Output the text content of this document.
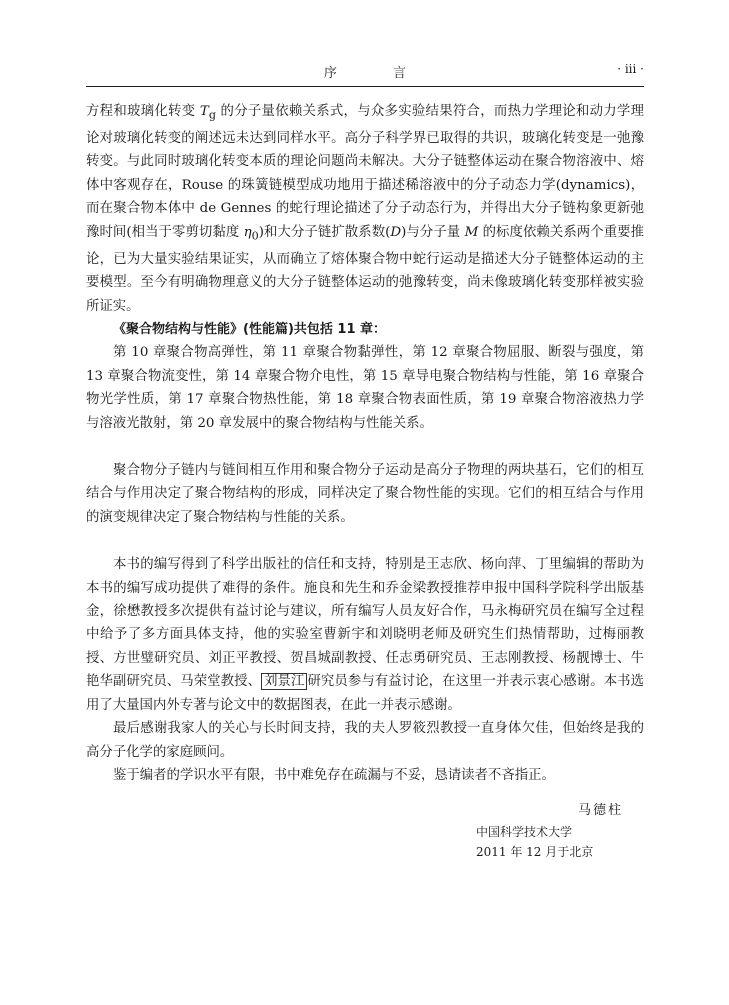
序 言	· iii ·

方程和玻璃化转变 $T_g$ 的分子量依赖关系式，与众多实验结果符合，而热力学理论和动力学理论对玻璃化转变的阐述远未达到同样水平。高分子科学界已取得的共识，玻璃化转变是一弛豫转变。与此同时玻璃化转变本质的理论问题尚未解决。大分子链整体运动在聚合物溶液中、熔体中客观存在，Rouse 的珠簧链模型成功地用于描述稀溶液中的分子动态力学(dynamics)，而在聚合物本体中 de Gennes 的蛇行理论描述了分子动态行为，并得出大分子链构象更新弛豫时间(相当于零剪切黏度 $\eta_0$)和大分子链扩散系数(D)与分子量 M 的标度依赖关系两个重要推论，已为大量实验结果证实，从而确立了熔体聚合物中蛇行运动是描述大分子链整体运动的主要模型。至今有明确物理意义的大分子链整体运动的弛豫转变，尚未像玻璃化转变那样被实验所证实。

《聚合物结构与性能》(性能篇)共包括 11 章：

第 10 章聚合物高弹性，第 11 章聚合物黏弹性，第 12 章聚合物屈服、断裂与强度，第 13 章聚合物流变性，第 14 章聚合物介电性，第 15 章导电聚合物结构与性能，第 16 章聚合物光学性质，第 17 章聚合物热性能，第 18 章聚合物表面性质，第 19 章聚合物溶液热力学与溶液光散射，第 20 章发展中的聚合物结构与性能关系。

聚合物分子链内与链间相互作用和聚合物分子运动是高分子物理的两块基石，它们的相互结合与作用决定了聚合物结构的形成，同样决定了聚合物性能的实现。它们的相互结合与作用的演变规律决定了聚合物结构与性能的关系。

本书的编写得到了科学出版社的信任和支持，特别是王志欣、杨向萍、丁里编辑的帮助为本书的编写成功提供了难得的条件。施良和先生和乔金梁教授推荐申报中国科学院科学出版基金，徐懋教授多次提供有益讨论与建议，所有编写人员友好合作，马永梅研究员在编写全过程中给予了多方面具体支持，他的实验室曹新宇和刘晓明老师及研究生们热情帮助，过梅丽教授、方世璧研究员、刘正平教授、贺昌城副教授、任志勇研究员、王志刚教授、杨靓博士、牛艳华副研究员、马荣堂教授、 刘景江 研究员参与有益讨论，在这里一并表示衷心感谢。本书选用了大量国内外专著与论文中的数据图表，在此一并表示感谢。

最后感谢我家人的关心与长时间支持，我的夫人罗筱烈教授一直身体欠佳，但始终是我的高分子化学的家庭顾问。

鉴于编者的学识水平有限，书中难免存在疏漏与不妥，恳请读者不吝指正。

马德柱
中国科学技术大学
2011 年 12 月于北京
